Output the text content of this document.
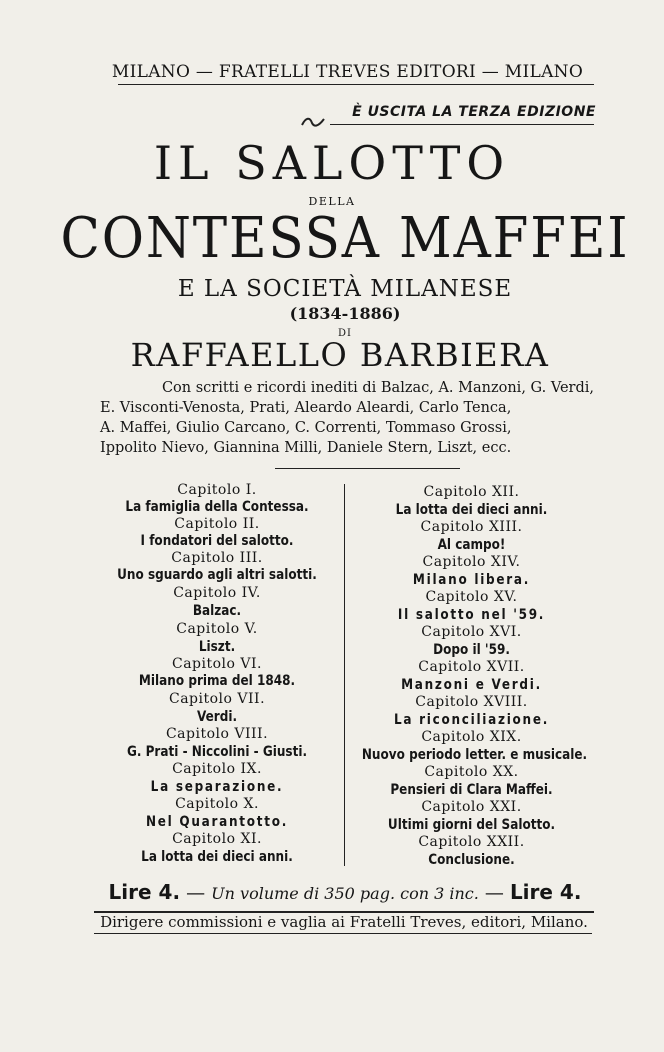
MILANO — FRATELLI TREVES EDITORI — MILANO
È USCITA LA TERZA EDIZIONE
IL SALOTTO
DELLA
CONTESSA MAFFEI
E LA SOCIETÀ MILANESE
(1834-1886)
DI
RAFFAELLO BARBIERA
Con scritti e ricordi inediti di Balzac, A. Manzoni, G. Verdi,
E. Visconti-Venosta, Prati, Aleardo Aleardi, Carlo Tenca,
A. Maffei, Giulio Carcano, C. Correnti, Tommaso Grossi,
Ippolito Nievo, Giannina Milli, Daniele Stern, Liszt, ecc.
Capitolo I.
La famiglia della Contessa.
Capitolo II.
I fondatori del salotto.
Capitolo III.
Uno sguardo agli altri salotti.
Capitolo IV.
Balzac.
Capitolo V.
Liszt.
Capitolo VI.
Milano prima del 1848.
Capitolo VII.
Verdi.
Capitolo VIII.
G. Prati - Niccolini - Giusti.
Capitolo IX.
La separazione.
Capitolo X.
Nel Quarantotto.
Capitolo XI.
La lotta dei dieci anni.
Capitolo XII.
La lotta dei dieci anni.
Capitolo XIII.
Al campo!
Capitolo XIV.
Milano libera.
Capitolo XV.
Il salotto nel '59.
Capitolo XVI.
Dopo il '59.
Capitolo XVII.
Manzoni e Verdi.
Capitolo XVIII.
La riconciliazione.
Capitolo XIX.
Nuovo periodo letter. e musicale.
Capitolo XX.
Pensieri di Clara Maffei.
Capitolo XXI.
Ultimi giorni del Salotto.
Capitolo XXII.
Conclusione.
Lire 4. — Un volume di 350 pag. con 3 inc. — Lire 4.
Dirigere commissioni e vaglia ai Fratelli Treves, editori, Milano.
